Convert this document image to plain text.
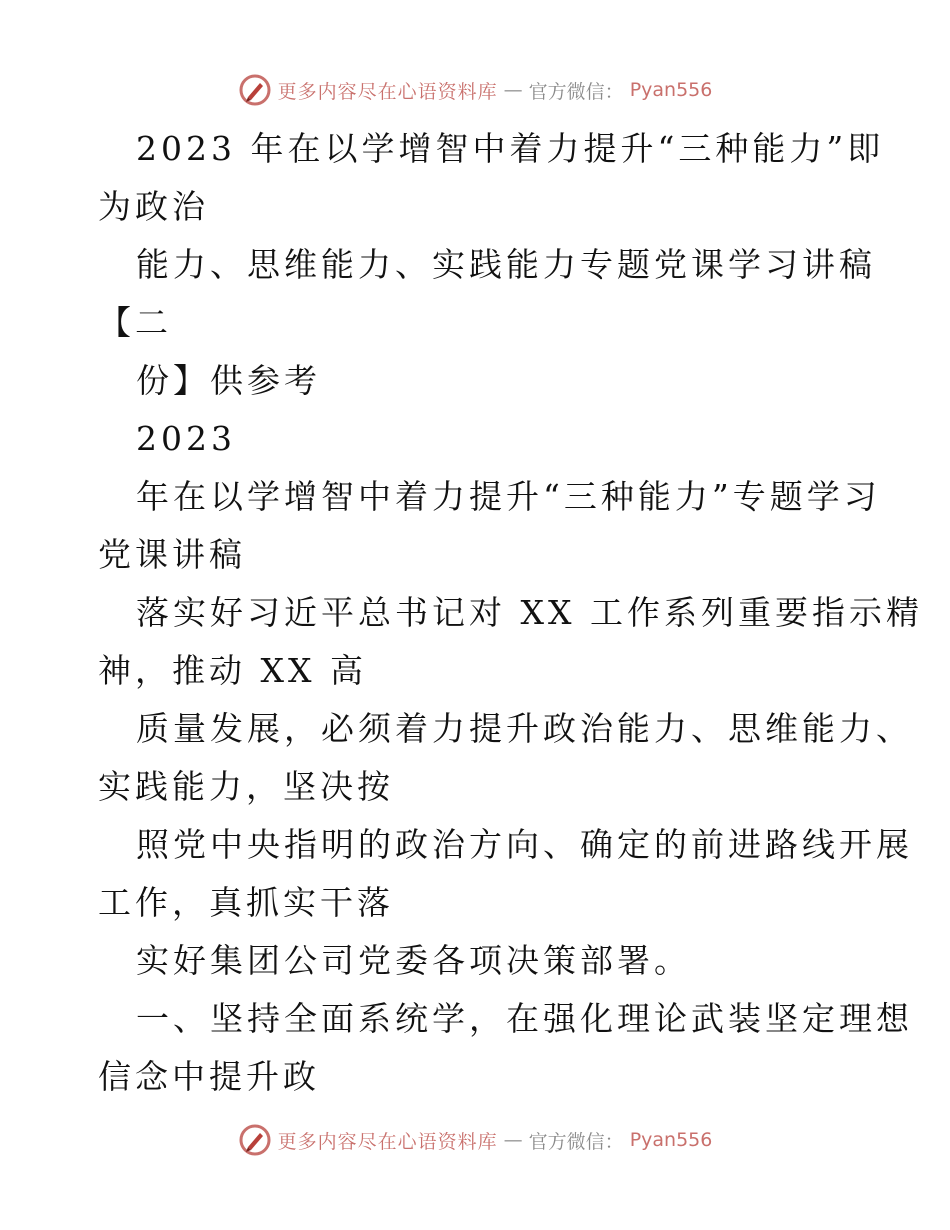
更多内容尽在心语资料库 — 官方微信： Pyan556
2023 年在以学增智中着力提升“三种能力”即
为政治
能力、思维能力、实践能力专题党课学习讲稿
【二
份】供参考
2023
年在以学增智中着力提升“三种能力”专题学习
党课讲稿
落实好习近平总书记对 XX 工作系列重要指示精
神，推动 XX 高
质量发展，必须着力提升政治能力、思维能力、
实践能力，坚决按
照党中央指明的政治方向、确定的前进路线开展
工作，真抓实干落
实好集团公司党委各项决策部署。
一、坚持全面系统学，在强化理论武装坚定理想
信念中提升政
更多内容尽在心语资料库 — 官方微信： Pyan556
